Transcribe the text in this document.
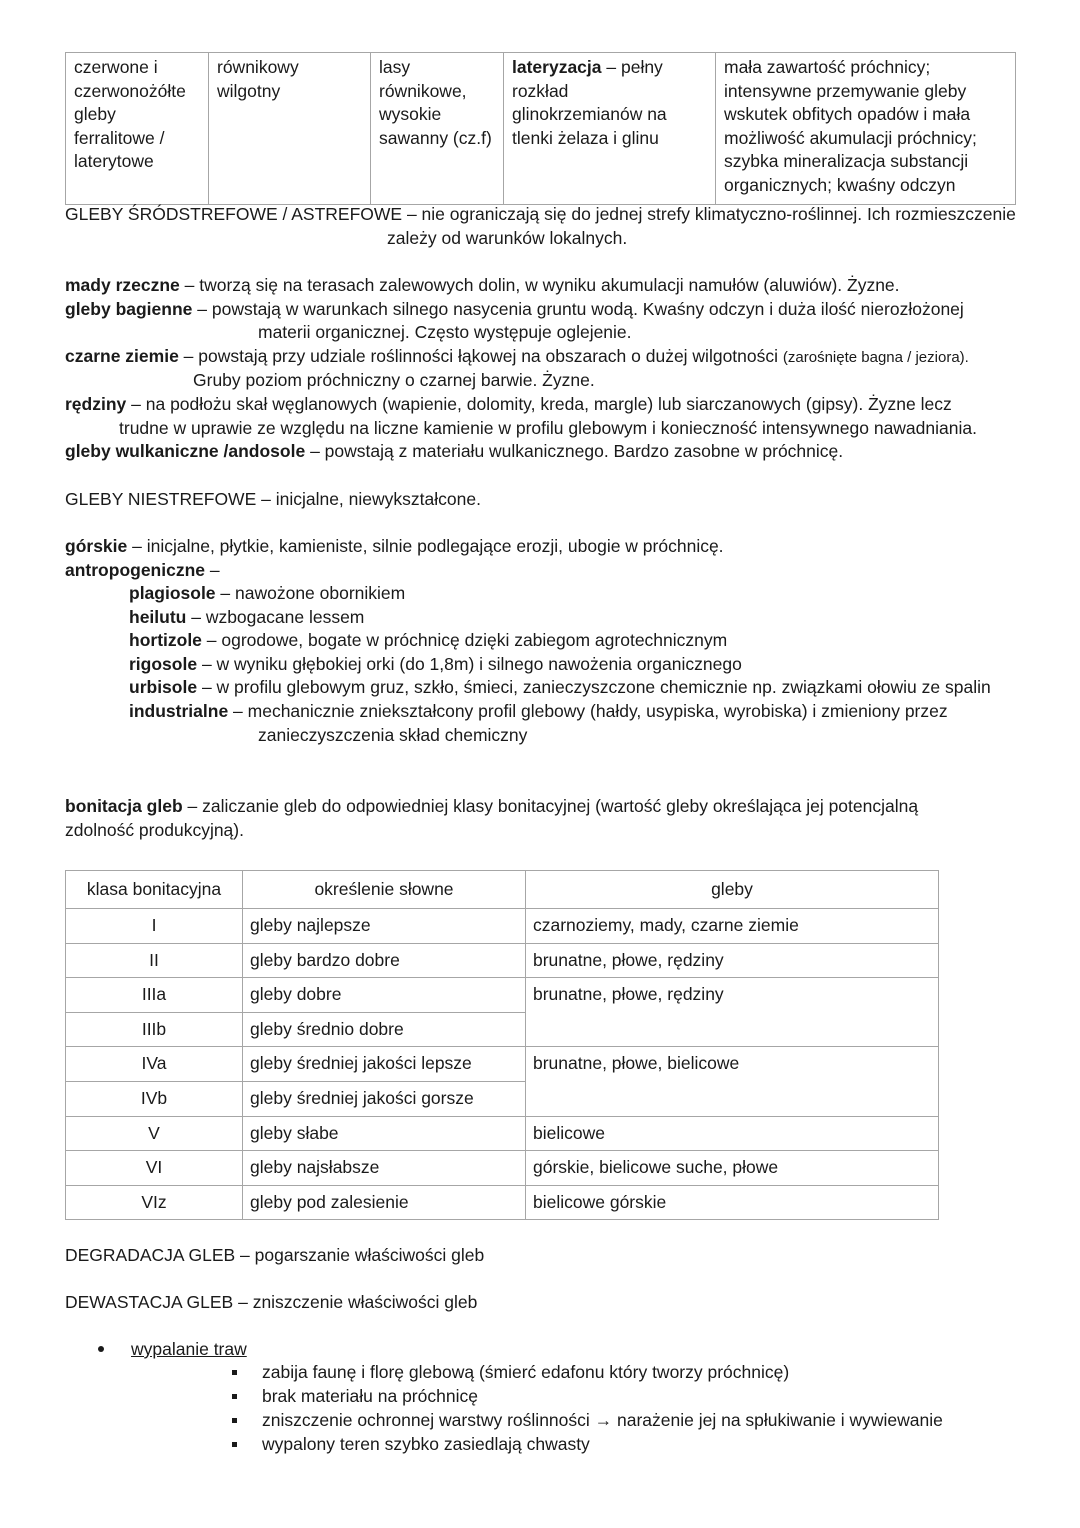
czerwone i
czerwonożółte
gleby
ferralitowe /
laterytowe

równikowy
wilgotny

lasy
równikowe,
wysokie
sawanny (cz.f)

lateryzacja – pełny
rozkład
glinokrzemianów na
tlenki żelaza i glinu

mała zawartość próchnicy;
intensywne przemywanie gleby
wskutek obfitych opadów i mała
możliwość akumulacji próchnicy;
szybka mineralizacja substancji
organicznych; kwaśny odczyn
GLEBY ŚRÓDSTREFOWE / ASTREFOWE – nie ograniczają się do jednej strefy klimatyczno-roślinnej. Ich rozmieszczenie
zależy od warunków lokalnych.
mady rzeczne – tworzą się na terasach zalewowych dolin, w wyniku akumulacji namułów (aluwiów). Żyzne.
gleby bagienne – powstają w warunkach silnego nasycenia gruntu wodą. Kwaśny odczyn i duża ilość nierozłożonej
materii organicznej. Często występuje oglejenie.
czarne ziemie – powstają przy udziale roślinności łąkowej na obszarach o dużej wilgotności (zarośnięte bagna / jeziora).
Gruby poziom próchniczny o czarnej barwie. Żyzne.
rędziny – na podłożu skał węglanowych (wapienie, dolomity, kreda, margle) lub siarczanowych (gipsy). Żyzne lecz
trudne w uprawie ze względu na liczne kamienie w profilu glebowym i konieczność intensywnego nawadniania.
gleby wulkaniczne /andosole – powstają z materiału wulkanicznego. Bardzo zasobne w próchnicę.
GLEBY NIESTREFOWE – inicjalne, niewykształcone.
górskie – inicjalne, płytkie, kamieniste, silnie podlegające erozji, ubogie w próchnicę.
antropogeniczne –
plagiosole – nawożone obornikiem
heilutu – wzbogacane lessem
hortizole – ogrodowe, bogate w próchnicę dzięki zabiegom agrotechnicznym
rigosole – w wyniku głębokiej orki (do 1,8m) i silnego nawożenia organicznego
urbisole – w profilu glebowym gruz, szkło, śmieci, zanieczyszczone chemicznie np. związkami ołowiu ze spalin
industrialne – mechanicznie zniekształcony profil glebowy (hałdy, usypiska, wyrobiska) i zmieniony przez
zanieczyszczenia skład chemiczny
bonitacja gleb – zaliczanie gleb do odpowiedniej klasy bonitacyjnej (wartość gleby określająca jej potencjalną
zdolność produkcyjną).
klasa bonitacyjna	określenie słowne	gleby
I	gleby najlepsze	czarnoziemy, mady, czarne ziemie
II	gleby bardzo dobre	brunatne, płowe, rędziny
IIIa	gleby dobre	brunatne, płowe, rędziny
IIIb	gleby średnio dobre	
IVa	gleby średniej jakości lepsze	brunatne, płowe, bielicowe
IVb	gleby średniej jakości gorsze	
V	gleby słabe	bielicowe
VI	gleby najsłabsze	górskie, bielicowe suche, płowe
VIz	gleby pod zalesienie	bielicowe górskie
DEGRADACJA GLEB – pogarszanie właściwości gleb
DEWASTACJA GLEB – zniszczenie właściwości gleb
wypalanie traw
zabija faunę i florę glebową (śmierć edafonu który tworzy próchnicę)
brak materiału na próchnicę
zniszczenie ochronnej warstwy roślinności → narażenie jej na spłukiwanie i wywiewanie
wypalony teren szybko zasiedlają chwasty
